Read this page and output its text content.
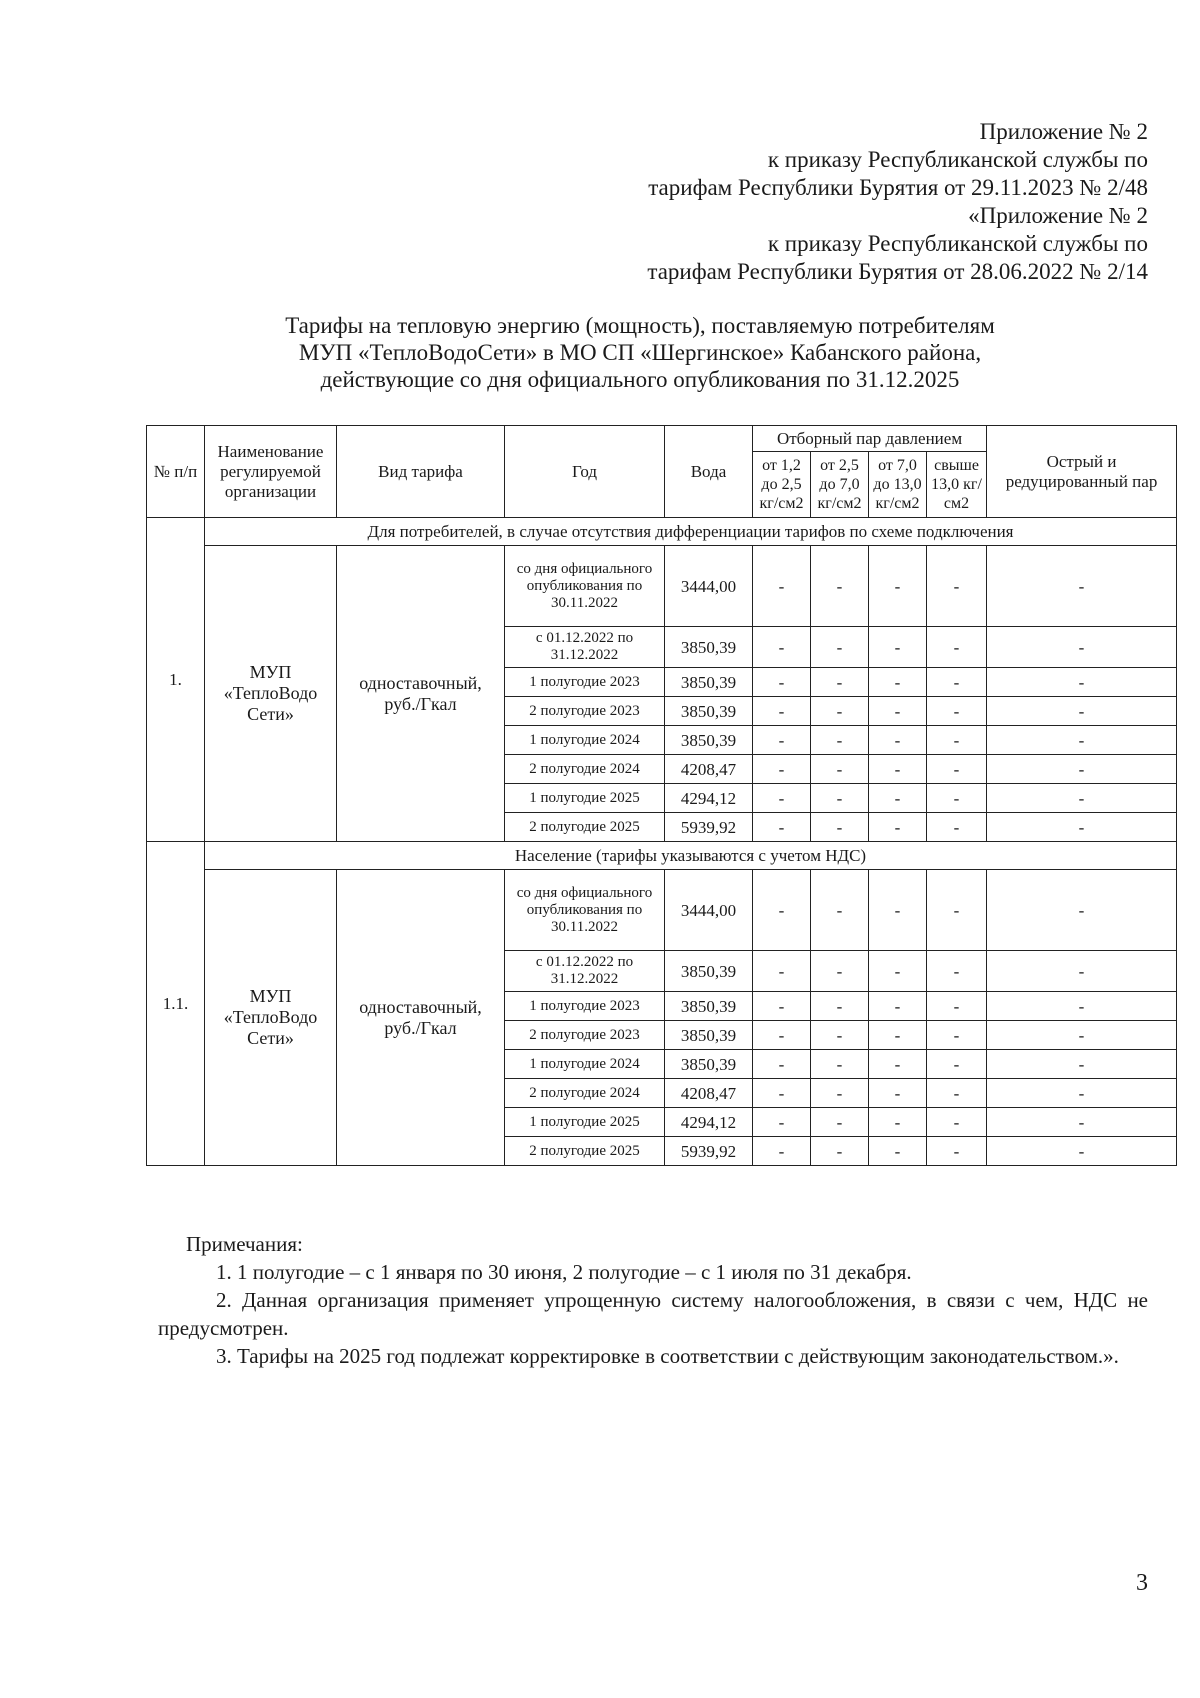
Приложение № 2
к приказу Республиканской службы по
тарифам Республики Бурятия от 29.11.2023 № 2/48
«Приложение № 2
к приказу Республиканской службы по
тарифам Республики Бурятия от 28.06.2022 № 2/14
Тарифы на тепловую энергию (мощность), поставляемую потребителям
МУП «ТеплоВодоСети» в МО СП «Шергинское» Кабанского района,
действующие со дня официального опубликования по 31.12.2025
№ п/п	Наименование регулируемой организации	Вид тарифа	Год	Вода	Отборный пар давлением				Острый и редуцированный пар
					от 1,2 до 2,5 кг/см2	от 2,5 до 7,0 кг/см2	от 7,0 до 13,0 кг/см2	свыше 13,0 кг/см2	
1.	Для потребителей, в случае отсутствия дифференциации тарифов по схеме подключения								
	МУП «ТеплоВодо Сети»	одноставочный, руб./Гкал	со дня официального опубликования по 30.11.2022	3444,00	-	-	-	-	-
			с 01.12.2022 по 31.12.2022	3850,39	-	-	-	-	-
			1 полугодие 2023	3850,39	-	-	-	-	-
			2 полугодие 2023	3850,39	-	-	-	-	-
			1 полугодие 2024	3850,39	-	-	-	-	-
			2 полугодие 2024	4208,47	-	-	-	-	-
			1 полугодие 2025	4294,12	-	-	-	-	-
			2 полугодие 2025	5939,92	-	-	-	-	-
1.1.	Население (тарифы указываются с учетом НДС)								
	МУП «ТеплоВодо Сети»	одноставочный, руб./Гкал	со дня официального опубликования по 30.11.2022	3444,00	-	-	-	-	-
			с 01.12.2022 по 31.12.2022	3850,39	-	-	-	-	-
			1 полугодие 2023	3850,39	-	-	-	-	-
			2 полугодие 2023	3850,39	-	-	-	-	-
			1 полугодие 2024	3850,39	-	-	-	-	-
			2 полугодие 2024	4208,47	-	-	-	-	-
			1 полугодие 2025	4294,12	-	-	-	-	-
			2 полугодие 2025	5939,92	-	-	-	-	-
Примечания:
1. 1 полугодие – с 1 января по 30 июня, 2 полугодие – с 1 июля по 31 декабря.
2. Данная организация применяет упрощенную систему налогообложения, в связи с чем, НДС не предусмотрен.
3. Тарифы на 2025 год подлежат корректировке в соответствии с действующим законодательством.».
3
